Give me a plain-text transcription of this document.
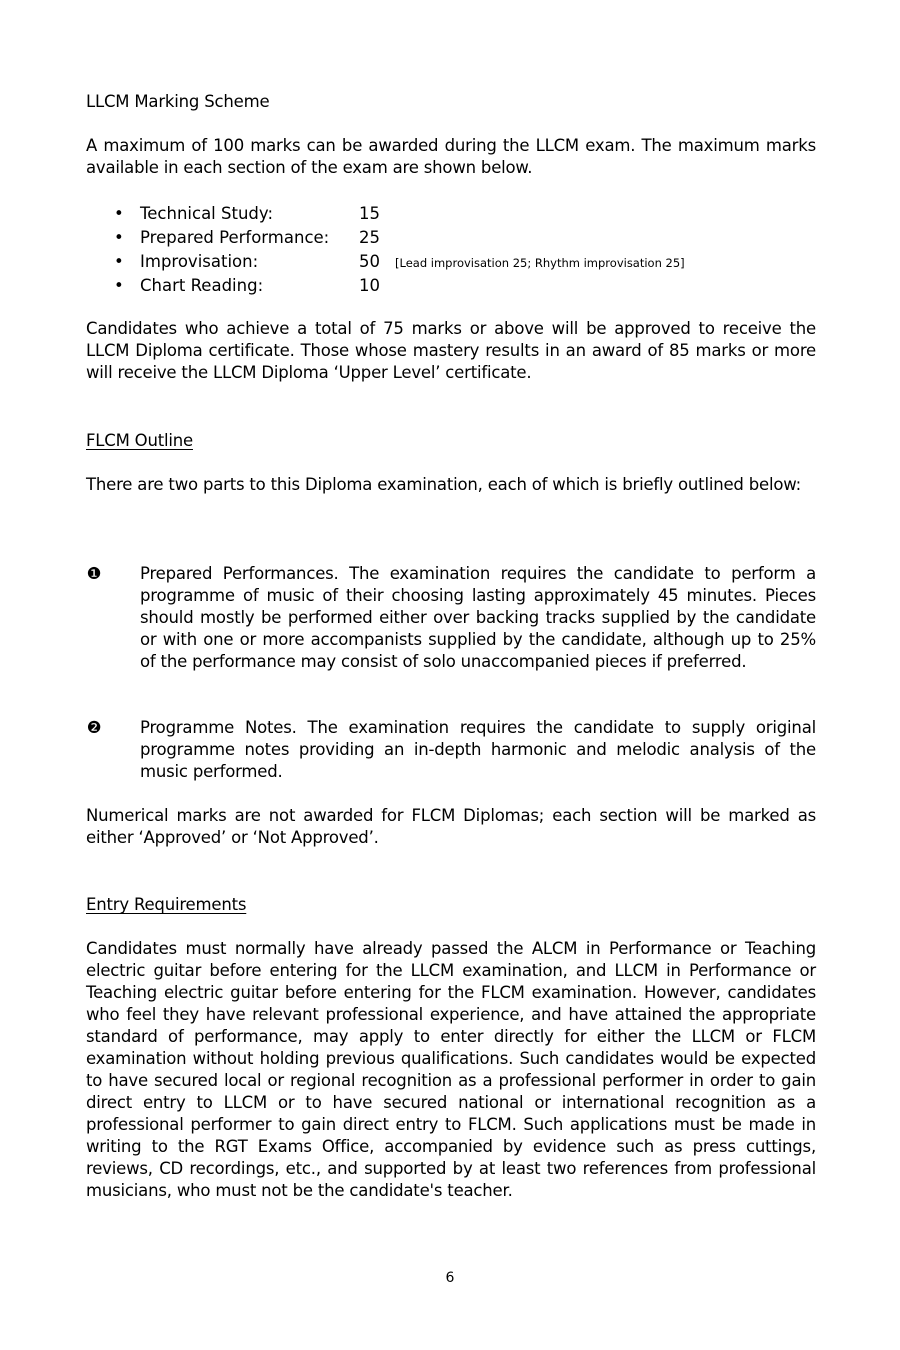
LLCM Marking Scheme
A maximum of 100 marks can be awarded during the LLCM exam. The maximum marks available in each section of the exam are shown below.
• Technical Study:	15
• Prepared Performance: 25
• Improvisation:	50 [Lead improvisation 25; Rhythm improvisation 25]
• Chart Reading:	10
Candidates who achieve a total of 75 marks or above will be approved to receive the LLCM Diploma certificate. Those whose mastery results in an award of 85 marks or more will receive the LLCM Diploma ‘Upper Level’ certificate.
FLCM Outline
There are two parts to this Diploma examination, each of which is briefly outlined below:
❶ Prepared Performances. The examination requires the candidate to perform a programme of music of their choosing lasting approximately 45 minutes. Pieces should mostly be performed either over backing tracks supplied by the candidate or with one or more accompanists supplied by the candidate, although up to 25% of the performance may consist of solo unaccompanied pieces if preferred.
❷ Programme Notes. The examination requires the candidate to supply original programme notes providing an in-depth harmonic and melodic analysis of the music performed.
Numerical marks are not awarded for FLCM Diplomas; each section will be marked as either ‘Approved’ or ‘Not Approved’.
Entry Requirements
Candidates must normally have already passed the ALCM in Performance or Teaching electric guitar before entering for the LLCM examination, and LLCM in Performance or Teaching electric guitar before entering for the FLCM examination. However, candidates who feel they have relevant professional experience, and have attained the appropriate standard of performance, may apply to enter directly for either the LLCM or FLCM examination without holding previous qualifications. Such candidates would be expected to have secured local or regional recognition as a professional performer in order to gain direct entry to LLCM or to have secured national or international recognition as a professional performer to gain direct entry to FLCM. Such applications must be made in writing to the RGT Exams Office, accompanied by evidence such as press cuttings, reviews, CD recordings, etc., and supported by at least two references from professional musicians, who must not be the candidate's teacher.
6
